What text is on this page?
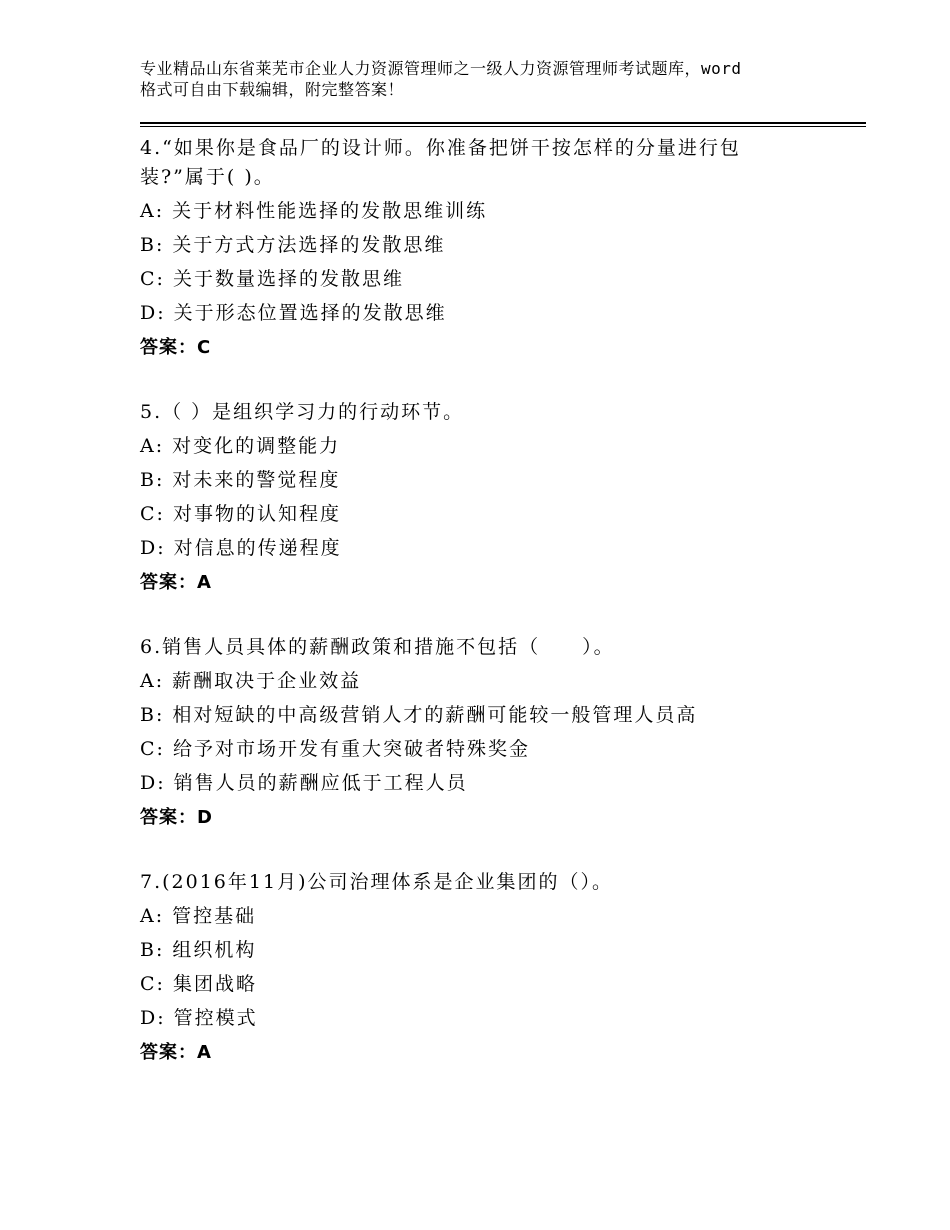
专业精品山东省莱芜市企业人力资源管理师之一级人力资源管理师考试题库，word
格式可自由下载编辑，附完整答案！
4.“如果你是食品厂的设计师。你准备把饼干按怎样的分量进行包
装?”属于( )。
A: 关于材料性能选择的发散思维训练
B: 关于方式方法选择的发散思维
C: 关于数量选择的发散思维
D: 关于形态位置选择的发散思维
答案：C
5.（ ）是组织学习力的行动环节。
A: 对变化的调整能力
B: 对未来的警觉程度
C: 对事物的认知程度
D: 对信息的传递程度
答案：A
6.销售人员具体的薪酬政策和措施不包括（　　）。
A: 薪酬取决于企业效益
B: 相对短缺的中高级营销人才的薪酬可能较一般管理人员高
C: 给予对市场开发有重大突破者特殊奖金
D: 销售人员的薪酬应低于工程人员
答案：D
7.(2016年11月)公司治理体系是企业集团的（）。
A: 管控基础
B: 组织机构
C: 集团战略
D: 管控模式
答案：A
